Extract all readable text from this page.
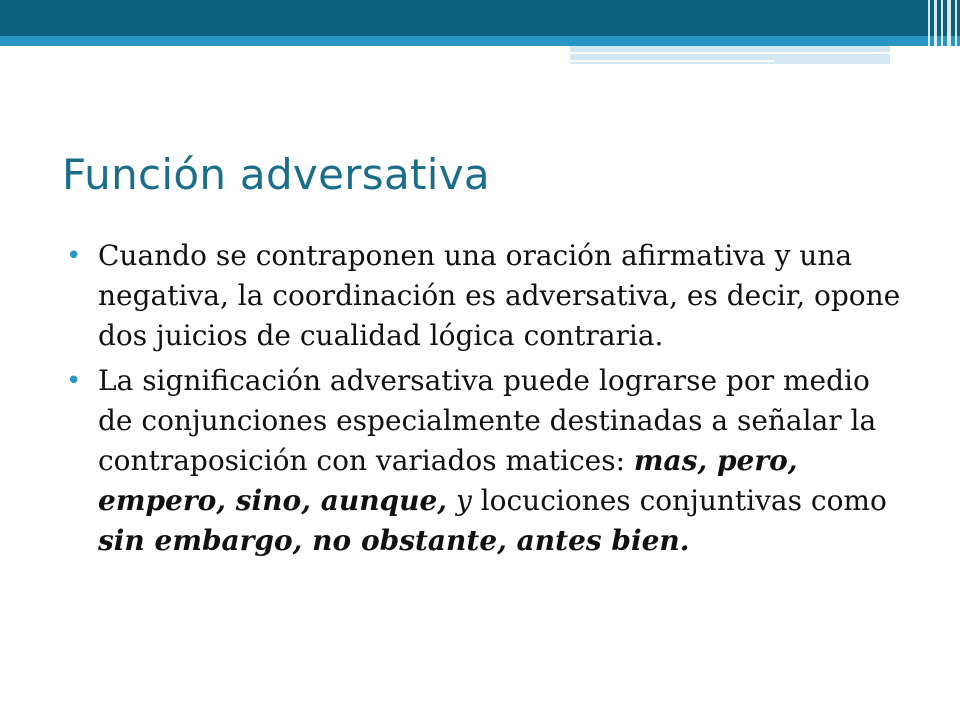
Función adversativa
• Cuando se contraponen una oración afirmativa y una negativa, la coordinación es adversativa, es decir, opone dos juicios de cualidad lógica contraria.
• La significación adversativa puede lograrse por medio de conjunciones especialmente destinadas a señalar la contraposición con variados matices: mas, pero, empero, sino, aunque, y locuciones conjuntivas como sin embargo, no obstante, antes bien.
